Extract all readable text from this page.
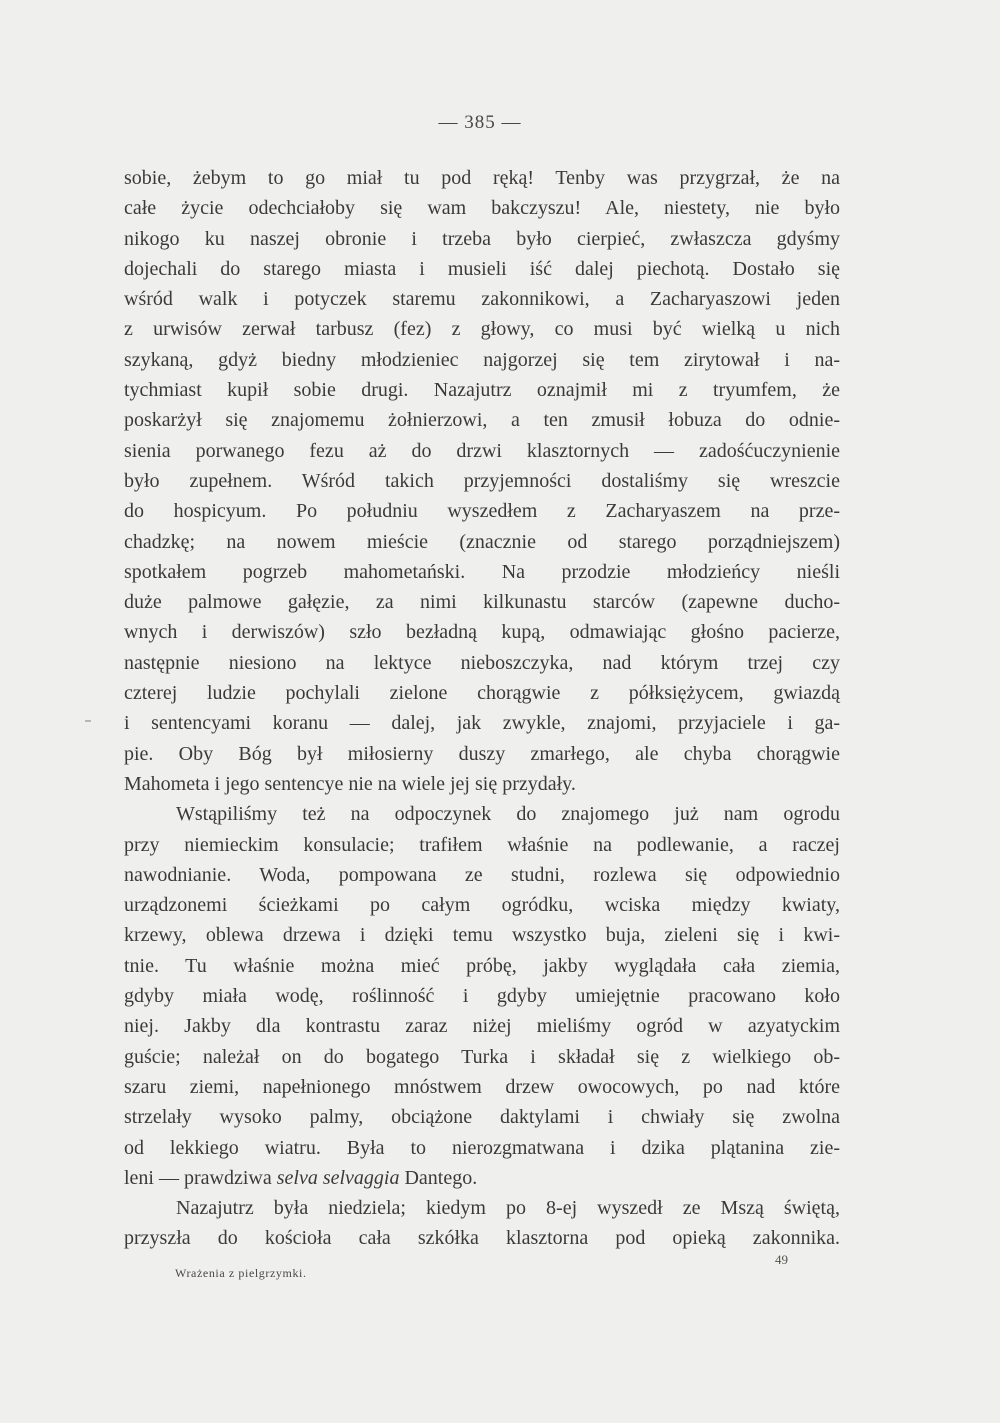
— 385 —
sobie, żebym to go miał tu pod ręką! Tenby was przygrzał, że na
całe życie odechciałoby się wam bakczyszu! Ale, niestety, nie było
nikogo ku naszej obronie i trzeba było cierpieć, zwłaszcza gdyśmy
dojechali do starego miasta i musieli iść dalej piechotą. Dostało się
wśród walk i potyczek staremu zakonnikowi, a Zacharyaszowi jeden
z urwisów zerwał tarbusz (fez) z głowy, co musi być wielką u nich
szykaną, gdyż biedny młodzieniec najgorzej się tem zirytował i na-
tychmiast kupił sobie drugi. Nazajutrz oznajmił mi z tryumfem, że
poskarżył się znajomemu żołnierzowi, a ten zmusił łobuza do odnie-
sienia porwanego fezu aż do drzwi klasztornych — zadośćuczynienie
było zupełnem. Wśród takich przyjemności dostaliśmy się wreszcie
do hospicyum. Po południu wyszedłem z Zacharyaszem na prze-
chadzkę; na nowem mieście (znacznie od starego porządniejszem)
spotkałem pogrzeb mahometański. Na przodzie młodzieńcy nieśli
duże palmowe gałęzie, za nimi kilkunastu starców (zapewne ducho-
wnych i derwiszów) szło bezładną kupą, odmawiając głośno pacierze,
następnie niesiono na lektyce nieboszczyka, nad którym trzej czy
czterej ludzie pochylali zielone chorągwie z półksiężycem, gwiazdą
i sentencyami koranu — dalej, jak zwykle, znajomi, przyjaciele i ga-
pie. Oby Bóg był miłosierny duszy zmarłego, ale chyba chorągwie
Mahometa i jego sentencye nie na wiele jej się przydały.
Wstąpiliśmy też na odpoczynek do znajomego już nam ogrodu
przy niemieckim konsulacie; trafiłem właśnie na podlewanie, a raczej
nawodnianie. Woda, pompowana ze studni, rozlewa się odpowiednio
urządzonemi ścieżkami po całym ogródku, wciska między kwiaty,
krzewy, oblewa drzewa i dzięki temu wszystko buja, zieleni się i kwi-
tnie. Tu właśnie można mieć próbę, jakby wyglądała cała ziemia,
gdyby miała wodę, roślinność i gdyby umiejętnie pracowano koło
niej. Jakby dla kontrastu zaraz niżej mieliśmy ogród w azyatyckim
guście; należał on do bogatego Turka i składał się z wielkiego ob-
szaru ziemi, napełnionego mnóstwem drzew owocowych, po nad które
strzelały wysoko palmy, obciążone daktylami i chwiały się zwolna
od lekkiego wiatru. Była to nierozgmatwana i dzika plątanina zie-
leni — prawdziwa selva selvaggia Dantego.
Nazajutrz była niedziela; kiedym po 8-ej wyszedł ze Mszą świętą,
przyszła do kościoła cała szkółka klasztorna pod opieką zakonnika.
Wrażenia z pielgrzymki.
49
